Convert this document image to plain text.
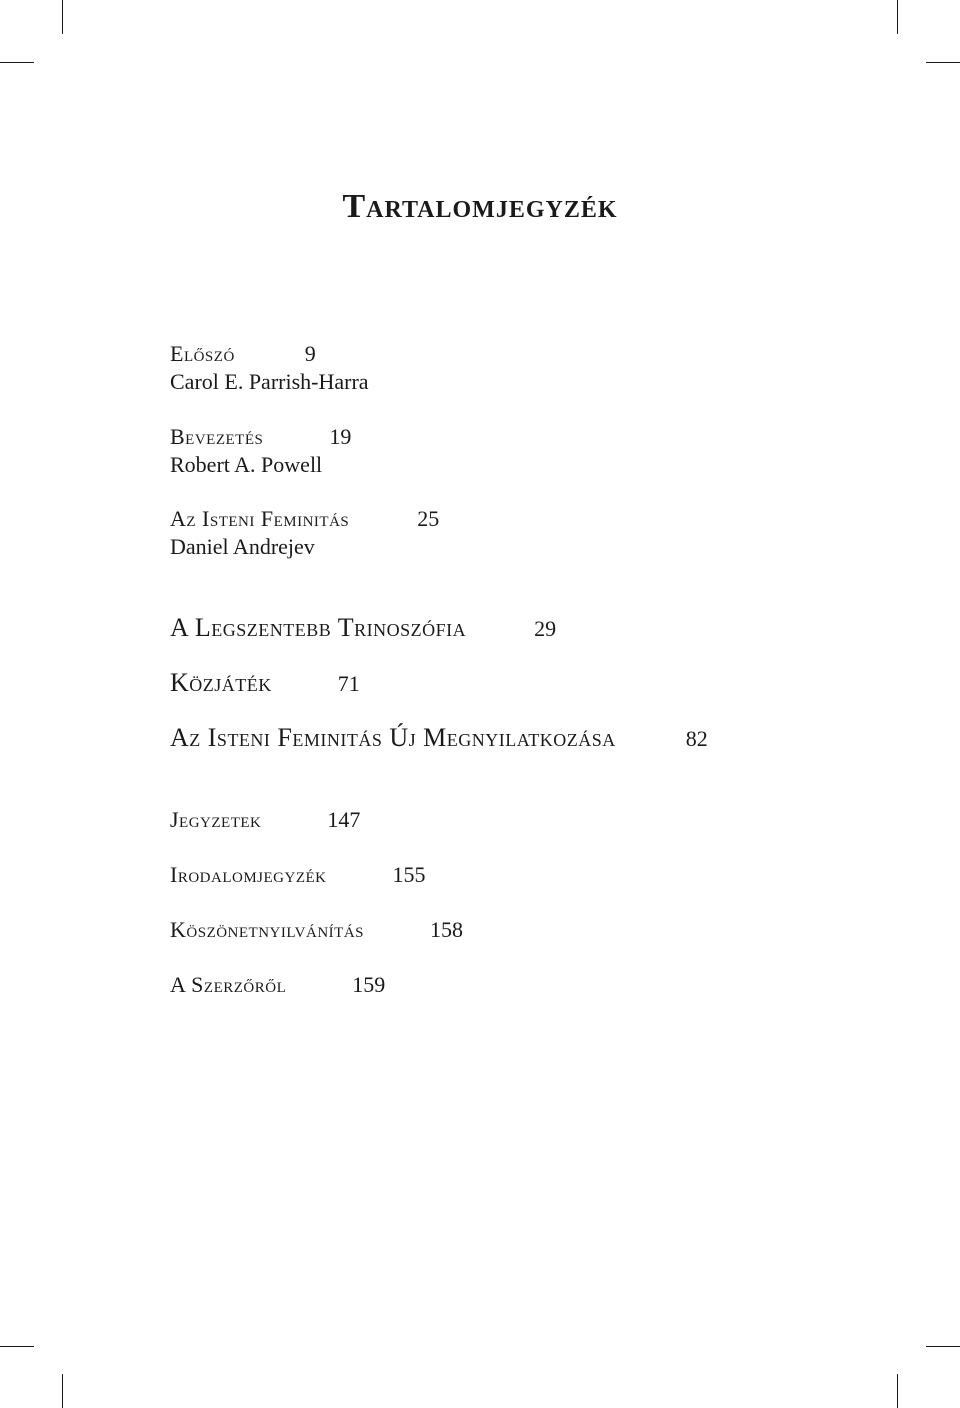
Tartalomjegyzék
Előszó	9
Carol E. Parrish-Harra
Bevezetés	19
Robert A. Powell
Az Isteni Feminitás	25
Daniel Andrejev
A Legszentebb Trinoszófia	29
Közjáték	71
Az Isteni Feminitás Új Megnyilatkozása	82
Jegyzetek	147
Irodalomjegyzék	155
Köszönetnyilvánítás	158
A Szerzőről	159
